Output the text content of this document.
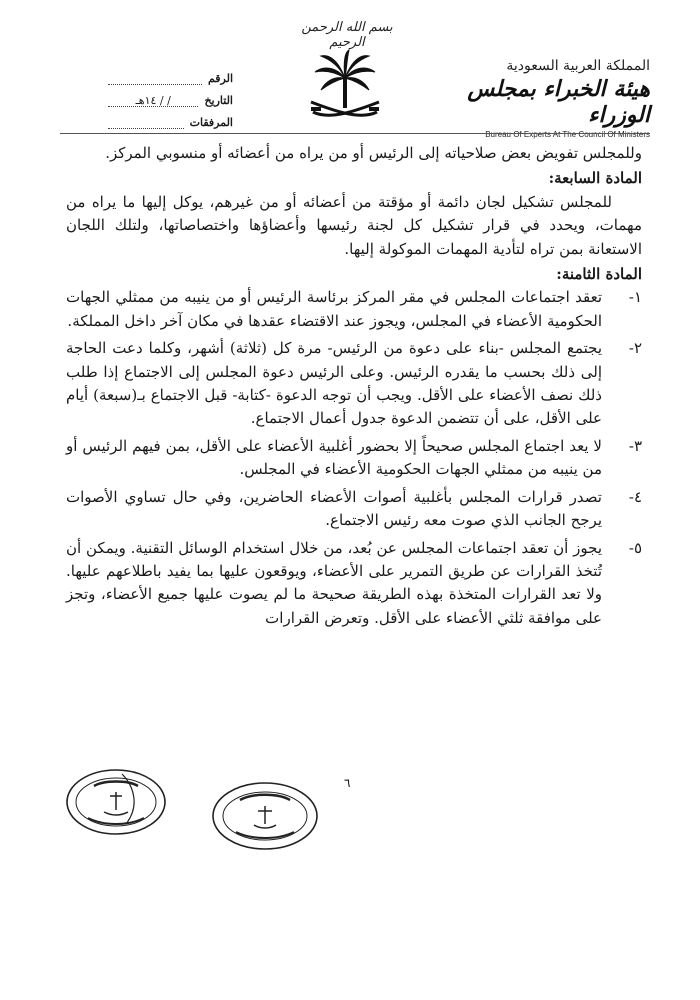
بسم الله الرحمن الرحيم
المملكة العربية السعودية
هيئة الخبراء بمجلس الوزراء
Bureau Of Experts At The Council Of Ministers
الرقم
التاريخ
/ / ١٤هـ
المرفقات

وللمجلس تفويض بعض صلاحياته إلى الرئيس أو من يراه من أعضائه أو منسوبي المركز.

المادة السابعة:

للمجلس تشكيل لجان دائمة أو مؤقتة من أعضائه أو من غيرهم، يوكل إليها ما يراه من مهمات، ويحدد في قرار تشكيل كل لجنة رئيسها وأعضاؤها واختصاصاتها، ولتلك اللجان الاستعانة بمن تراه لتأدية المهمات الموكولة إليها.

المادة الثامنة:

١-
تعقد اجتماعات المجلس في مقر المركز برئاسة الرئيس أو من ينيبه من ممثلي الجهات الحكومية الأعضاء في المجلس، ويجوز عند الاقتضاء عقدها في مكان آخر داخل المملكة.
٢-
يجتمع المجلس -بناء على دعوة من الرئيس- مرة كل (ثلاثة) أشهر، وكلما دعت الحاجة إلى ذلك بحسب ما يقدره الرئيس. وعلى الرئيس دعوة المجلس إلى الاجتماع إذا طلب ذلك نصف الأعضاء على الأقل. ويجب أن توجه الدعوة -كتابة- قبل الاجتماع بـ(سبعة) أيام على الأقل، على أن تتضمن الدعوة جدول أعمال الاجتماع.
٣-
لا يعد اجتماع المجلس صحيحاً إلا بحضور أغلبية الأعضاء على الأقل، بمن فيهم الرئيس أو من ينيبه من ممثلي الجهات الحكومية الأعضاء في المجلس.
٤-
تصدر قرارات المجلس بأغلبية أصوات الأعضاء الحاضرين، وفي حال تساوي الأصوات يرجح الجانب الذي صوت معه رئيس الاجتماع.
٥-
يجوز أن تعقد اجتماعات المجلس عن بُعد، من خلال استخدام الوسائل التقنية. ويمكن أن تُتخذ القرارات عن طريق التمرير على الأعضاء، ويوقعون عليها بما يفيد باطلاعهم عليها. ولا تعد القرارات المتخذة بهذه الطريقة صحيحة ما لم يصوت عليها جميع الأعضاء، وتجز على موافقة ثلثي الأعضاء على الأقل. وتعرض القرارات
٦
